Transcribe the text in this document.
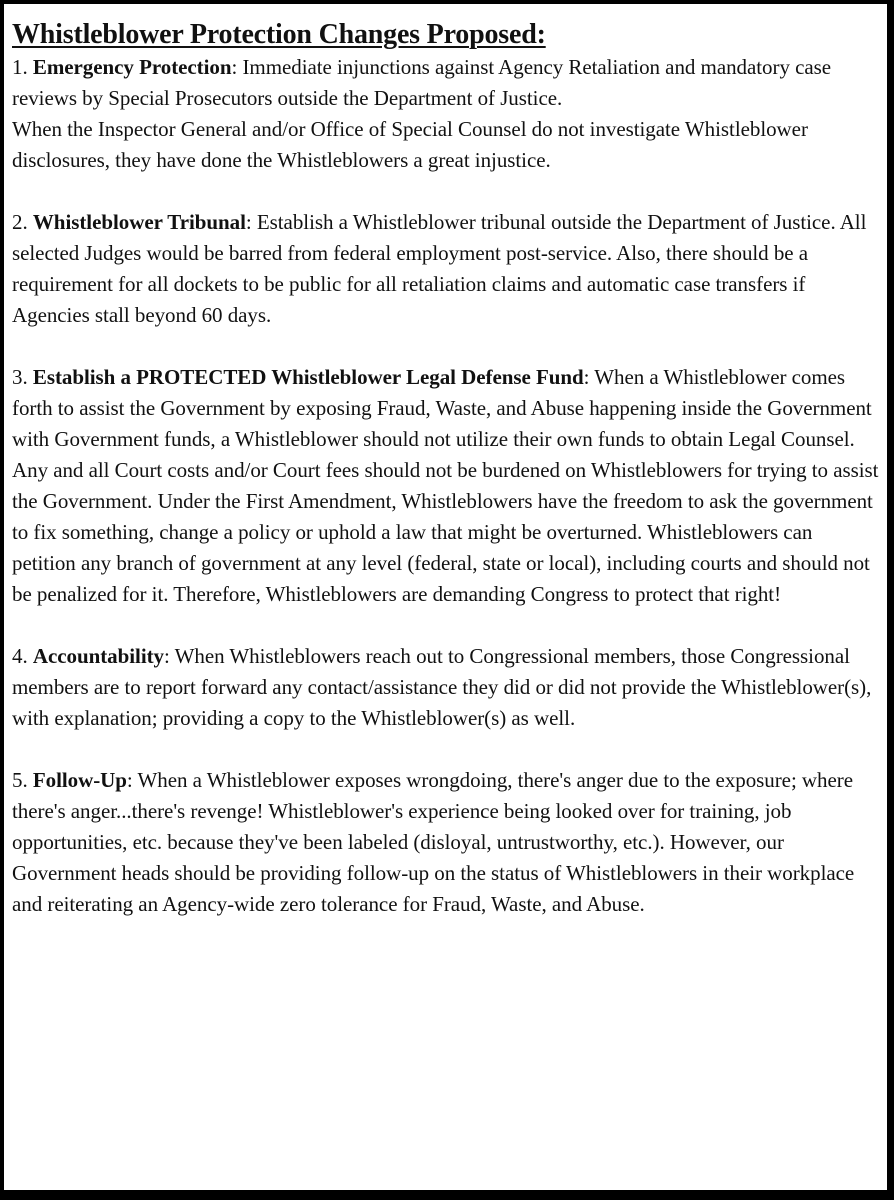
Whistleblower Protection Changes Proposed:

1. Emergency Protection: Immediate injunctions against Agency Retaliation and mandatory case reviews by Special Prosecutors outside the Department of Justice.

When the Inspector General and/or Office of Special Counsel do not investigate Whistleblower disclosures, they have done the Whistleblowers a great injustice.

2. Whistleblower Tribunal: Establish a Whistleblower tribunal outside the Department of Justice. All selected Judges would be barred from federal employment post-service. Also, there should be a requirement for all dockets to be public for all retaliation claims and automatic case transfers if Agencies stall beyond 60 days.

3. Establish a PROTECTED Whistleblower Legal Defense Fund: When a Whistleblower comes forth to assist the Government by exposing Fraud, Waste, and Abuse happening inside the Government with Government funds, a Whistleblower should not utilize their own funds to obtain Legal Counsel. Any and all Court costs and/or Court fees should not be burdened on Whistleblowers for trying to assist the Government. Under the First Amendment, Whistleblowers have the freedom to ask the government to fix something, change a policy or uphold a law that might be overturned. Whistleblowers can petition any branch of government at any level (federal, state or local), including courts and should not be penalized for it. Therefore, Whistleblowers are demanding Congress to protect that right!

4. Accountability: When Whistleblowers reach out to Congressional members, those Congressional members are to report forward any contact/assistance they did or did not provide the Whistleblower(s), with explanation; providing a copy to the Whistleblower(s) as well.

5. Follow-Up: When a Whistleblower exposes wrongdoing, there's anger due to the exposure; where there's anger...there's revenge! Whistleblower's experience being looked over for training, job opportunities, etc. because they've been labeled (disloyal, untrustworthy, etc.). However, our Government heads should be providing follow-up on the status of Whistleblowers in their workplace and reiterating an Agency-wide zero tolerance for Fraud, Waste, and Abuse.
